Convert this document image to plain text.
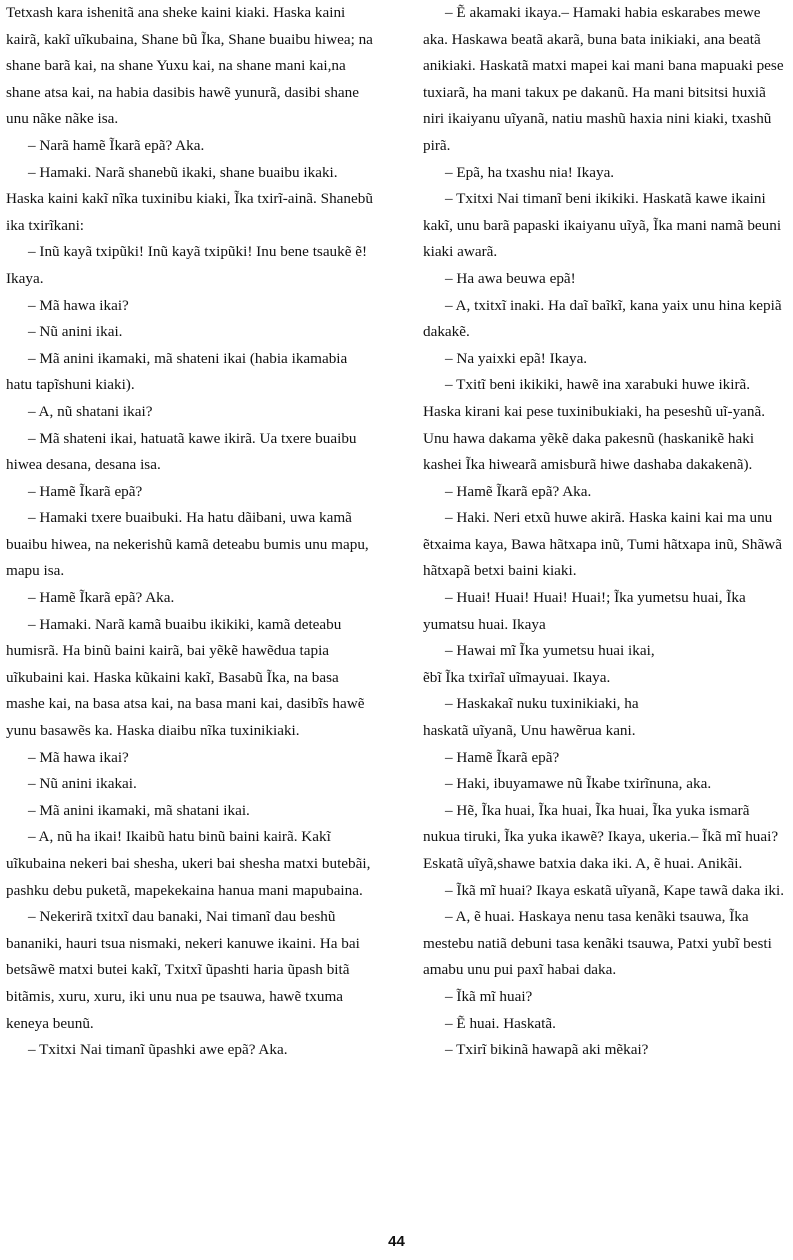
Tetxash kara ishenitã ana sheke kaini kiaki. Haska kaini kairã, kakĩ uĩkubaina, Shane bũ Ĩka, Shane buaibu hiwea; na shane barã kai, na shane Yuxu kai, na shane mani kai,na shane atsa kai, na habia dasibis hawẽ yunurã, dasibi shane unu nãke nãke isa.

– Narã hamẽ Ĩkarã epã? Aka.

– Hamaki. Narã shanebũ ikaki, shane buaibu ikaki. Haska kaini kakĩ nĩka tuxinibu kiaki, Ĩka txirĩ-ainã. Shanebũ ika txirĩkani:

– Inũ kayã txipũki! Inũ kayã txipũki! Inu bene tsaukẽ ẽ! Ikaya.

– Mã hawa ikai?

– Nũ anini ikai.

– Mã anini ikamaki, mã shateni ikai (habia ikamabia hatu tapĩshuni kiaki).

– A, nũ shatani ikai?

– Mã shateni ikai, hatuatã kawe ikirã. Ua txere buaibu hiwea desana, desana isa.

– Hamẽ Ĩkarã epã?

– Hamaki txere buaibuki. Ha hatu dãibani, uwa kamã buaibu hiwea, na nekerishũ kamã deteabu bumis unu mapu, mapu isa.

– Hamẽ Ĩkarã epã? Aka.

– Hamaki. Narã kamã buaibu ikikiki, kamã deteabu humisrã. Ha binũ baini kairã, bai yẽkẽ hawẽdua tapia uĩkubaini kai. Haska kũkaini kakĩ, Basabũ Ĩka, na basa mashe kai, na basa atsa kai, na basa mani kai, dasibĩs hawẽ yunu basawẽs ka. Haska diaibu nĩka tuxinikiaki.

– Mã hawa ikai?

– Nũ anini ikakai.

– Mã anini ikamaki, mã shatani ikai.

– A, nũ ha ikai! Ikaibũ hatu binũ baini kairã. Kakĩ uĩkubaina nekeri bai shesha, ukeri bai shesha matxi butebãi, pashku debu puketã, mapekekaina hanua mani mapubaina.

– Nekerirã txitxĩ dau banaki, Nai timanĩ dau beshũ bananiki, hauri tsua nismaki, nekeri kanuwe ikaini. Ha bai betsãwẽ matxi butei kakĩ, Txitxĩ ũpashti haria ũpash bitã bitãmis, xuru, xuru, iki unu nua pe tsauwa, hawẽ txuma keneya beunũ.

– Txitxi Nai timanĩ ũpashki awe epã? Aka.

– Ẽ akamaki ikaya.– Hamaki habia eskarabes mewe aka. Haskawa beatã akarã, buna bata inikiaki, ana beatã anikiaki. Haskatã matxi mapei kai mani bana mapuaki pese tuxiarã, ha mani takux pe dakanũ. Ha mani bitsitsi huxiã niri ikaiyanu uĩyanã, natiu mashũ haxia nini kiaki, txashũ pirã.

– Epã, ha txashu nia! Ikaya.

– Txitxi Nai timanĩ beni ikikiki. Haskatã kawe ikaini kakĩ, unu barã papaski ikaiyanu uĩyã, Ĩka mani namã beuni kiaki awarã.

– Ha awa beuwa epã!

– A, txitxĩ inaki. Ha daĩ baĩkĩ, kana yaix unu hina kepiã dakakẽ.

– Na yaixki epã! Ikaya.

– Txitĩ beni ikikiki, hawẽ ina xarabuki huwe ikirã. Haska kirani kai pese tuxinibukiaki, ha peseshũ uĩ-yanã. Unu hawa dakama yẽkẽ daka pakesnũ (haskanikẽ haki kashei Ĩka hiwearã amisburã hiwe dashaba dakakenã).

– Hamẽ Ĩkarã epã? Aka.

– Haki. Neri etxũ huwe akirã. Haska kaini kai ma unu ẽtxaima kaya, Bawa hãtxapa inũ, Tumi hãtxapa inũ, Shãwã hãtxapã betxi baini kiaki.

– Huai! Huai! Huai! Huai!; Ĩka yumetsu huai, Ĩka yumatsu huai. Ikaya

– Hawai mĩ Ĩka yumetsu huai ikai,

ẽbĩ Ĩka txirĩaĩ uĩmayuai. Ikaya.

– Haskakaĩ nuku tuxinikiaki, ha

haskatã uĩyanã, Unu hawẽrua kani.

– Hamẽ Ĩkarã epã?

– Haki, ibuyamawe nũ Ĩkabe txirĩnuna, aka.

– Hẽ, Ĩka huai, Ĩka huai, Ĩka huai, Ĩka yuka ismarã nukua tiruki, Ĩka yuka ikawẽ? Ikaya, ukeria.– Ĩkã mĩ huai? Eskatã uĩyã,shawe batxia daka iki. A, ẽ huai. Anikãi.

– Ĩkã mĩ huai? Ikaya eskatã uĩyanã, Kape tawã daka iki.

– A, ẽ huai. Haskaya nenu tasa kenãki tsauwa, Ĩka mestebu natiã debuni tasa kenãki tsauwa, Patxi yubĩ besti amabu unu pui paxĩ habai daka.

– Ĩkã mĩ huai?

– Ẽ huai. Haskatã.

– Txirĩ bikinã hawapã aki mẽkai?

44
